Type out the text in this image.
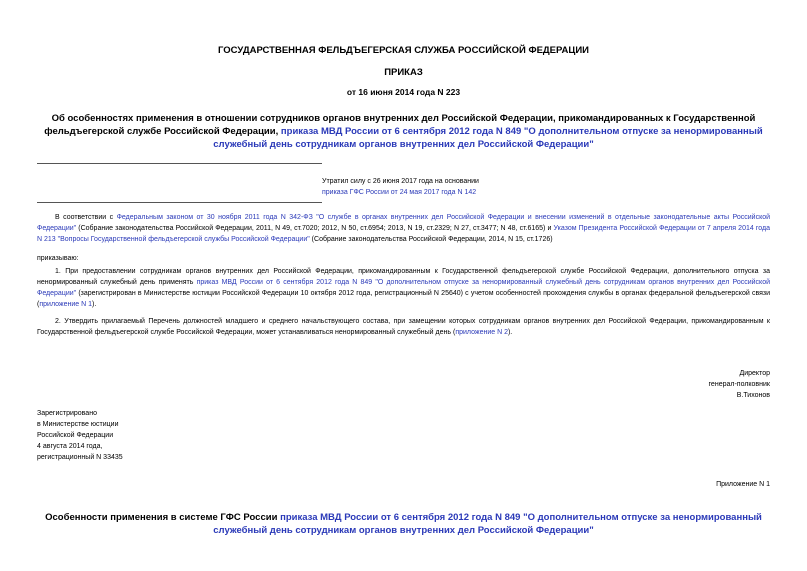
ГОСУДАРСТВЕННАЯ ФЕЛЬДЪЕГЕРСКАЯ СЛУЖБА РОССИЙСКОЙ ФЕДЕРАЦИИ
ПРИКАЗ
от 16 июня 2014 года N 223
Об особенностях применения в отношении сотрудников органов внутренних дел Российской Федерации, прикомандированных к Государственной фельдъегерской службе Российской Федерации, приказа МВД России от 6 сентября 2012 года N 849 "О дополнительном отпуске за ненормированный служебный день сотрудникам органов внутренних дел Российской Федерации"
Утратил силу с 26 июня 2017 года на основании
приказа ГФС России от 24 мая 2017 года N 142
В соответствии с Федеральным законом от 30 ноября 2011 года N 342-ФЗ "О службе в органах внутренних дел Российской Федерации и внесении изменений в отдельные законодательные акты Российской Федерации" (Собрание законодательства Российской Федерации, 2011, N 49, ст.7020; 2012, N 50, ст.6954; 2013, N 19, ст.2329; N 27, ст.3477; N 48, ст.6165) и Указом Президента Российской Федерации от 7 апреля 2014 года N 213 "Вопросы Государственной фельдъегерской службы Российской Федерации" (Собрание законодательства Российской Федерации, 2014, N 15, ст.1726)
приказываю:
1. При предоставлении сотрудникам органов внутренних дел Российской Федерации, прикомандированным к Государственной фельдъегерской службе Российской Федерации, дополнительного отпуска за ненормированный служебный день применять приказ МВД России от 6 сентября 2012 года N 849 "О дополнительном отпуске за ненормированный служебный день сотрудникам органов внутренних дел Российской Федерации" (зарегистрирован в Министерстве юстиции Российской Федерации 10 октября 2012 года, регистрационный N 25640) с учетом особенностей прохождения службы в органах федеральной фельдъегерской связи (приложение N 1).
2. Утвердить прилагаемый Перечень должностей младшего и среднего начальствующего состава, при замещении которых сотрудникам органов внутренних дел Российской Федерации, прикомандированным к Государственной фельдъегерской службе Российской Федерации, может устанавливаться ненормированный служебный день (приложение N 2).
Директор
генерал-полковник
В.Тихонов
Зарегистрировано
в Министерстве юстиции
Российской Федерации
4 августа 2014 года,
регистрационный N 33435
Приложение N 1
Особенности применения в системе ГФС России приказа МВД России от 6 сентября 2012 года N 849 "О дополнительном отпуске за ненормированный служебный день сотрудникам органов внутренних дел Российской Федерации"
